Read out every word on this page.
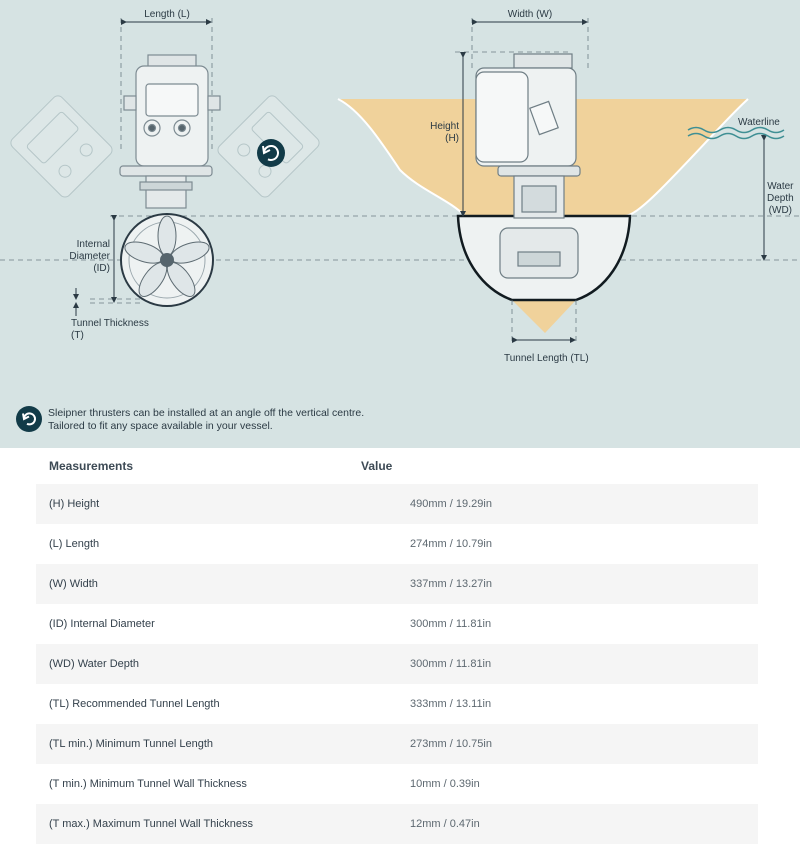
Length (L)	Width (W)
Height
(H)
Waterline
Water
Depth
(WD)
Internal
Diameter
(ID)
Tunnel Thickness
(T)
Tunnel Length (TL)
Sleipner thrusters can be installed at an angle off the vertical centre.
Tailored to fit any space available in your vessel.
Measurements	Value
(H) Height	490mm / 19.29in
(L) Length	274mm / 10.79in
(W) Width	337mm / 13.27in
(ID) Internal Diameter	300mm / 11.81in
(WD) Water Depth	300mm / 11.81in
(TL) Recommended Tunnel Length	333mm / 13.11in
(TL min.) Minimum Tunnel Length	273mm / 10.75in
(T min.) Minimum Tunnel Wall Thickness	10mm / 0.39in
(T max.) Maximum Tunnel Wall Thickness	12mm / 0.47in
